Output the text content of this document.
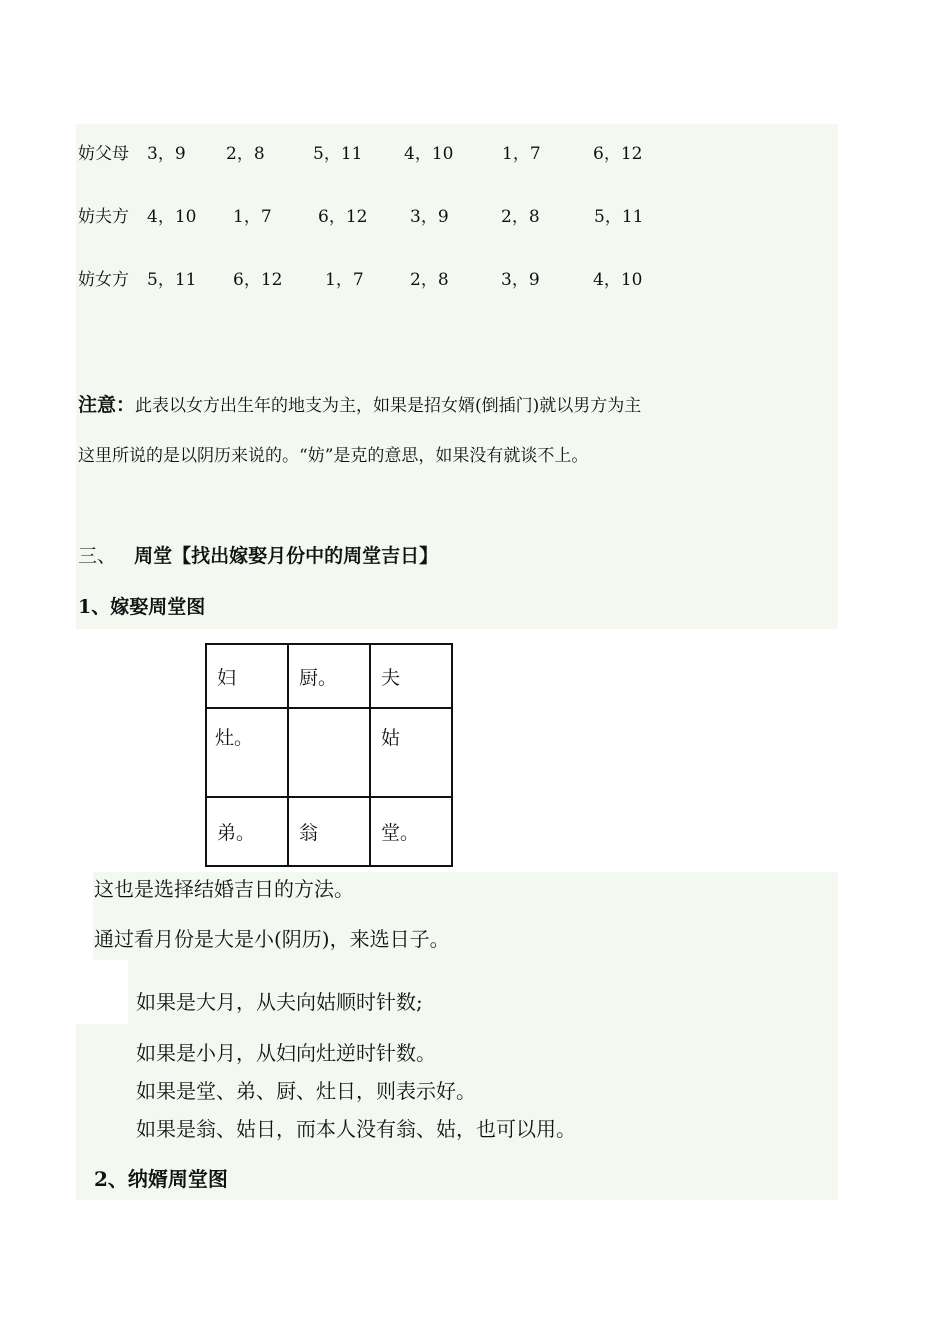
妨父母 3，9 2，8	5，11 4，10	1，7	6，12
妨夫方 4，10 1，7	6，12	3，9	2，8	5，11
妨女方 5，11 6，12	1，7	2，8	3，9	4，10
注意：此表以女方出生年的地支为主，如果是招女婿(倒插门)就以男方为主
这里所说的是以阴历来说的。“妨”是克的意思，如果没有就谈不上。
三、 周堂【找出嫁娶月份中的周堂吉日】
1、嫁娶周堂图
妇	厨。	夫
灶。		姑
弟。	翁	堂。
这也是选择结婚吉日的方法。
通过看月份是大是小(阴历)，来选日子。
如果是大月，从夫向姑顺时针数;
如果是小月，从妇向灶逆时针数。
如果是堂、弟、厨、灶日，则表示好。
如果是翁、姑日，而本人没有翁、姑，也可以用。
2、纳婿周堂图
